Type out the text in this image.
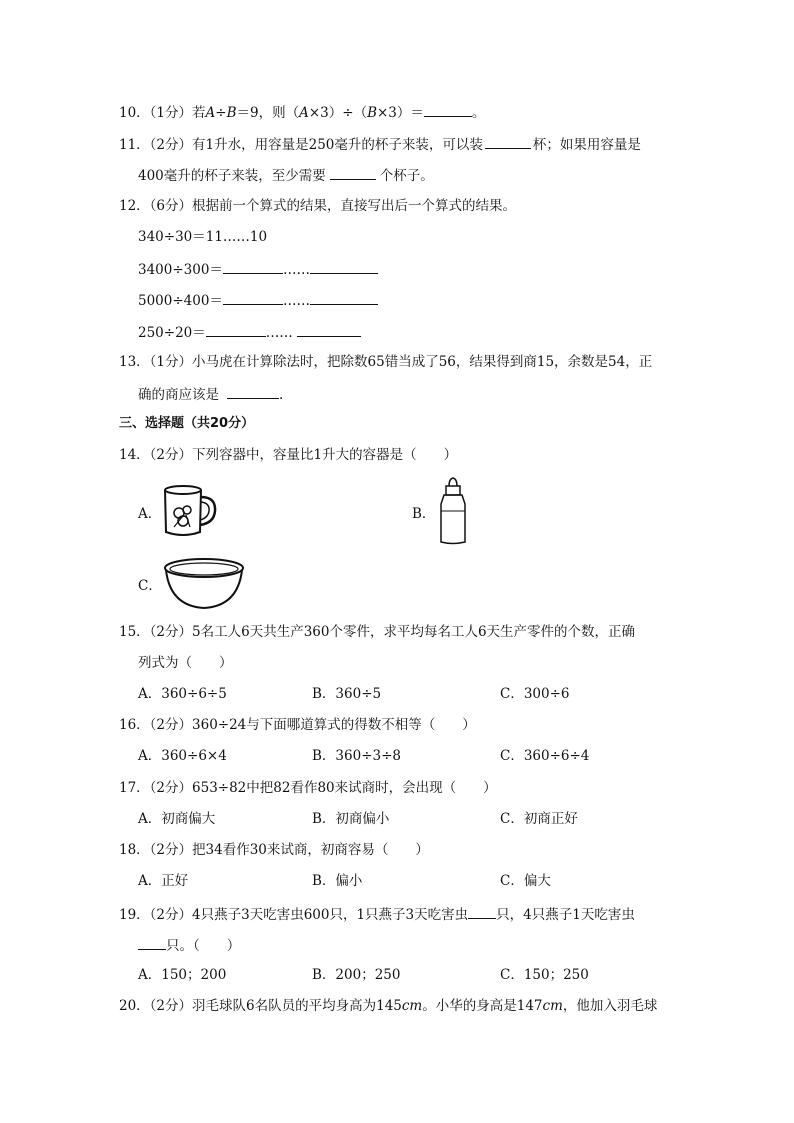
10．（1分）若A÷B＝9，则（A×3）÷（B×3）＝	。
11．（2分）有1升水，用容量是250毫升的杯子来装，可以装	杯；如果用容量是
400毫升的杯子来装，至少需要	个杯子。
12．（6分）根据前一个算式的结果，直接写出后一个算式的结果。
340÷30＝11……10
3400÷300＝	……
5000÷400＝	……
250÷20＝	……
13．（1分）小马虎在计算除法时，把除数65错当成了56，结果得到商15，余数是54，正
确的商应该是	.
三、选择题（共20分）
14．（2分）下列容器中，容量比1升大的容器是（　　）
A．	B．
C．
15．（2分）5名工人6天共生产360个零件，求平均每名工人6天生产零件的个数，正确
列式为（　　）
A．360÷6÷5	B．360÷5	C．300÷6
16．（2分）360÷24与下面哪道算式的得数不相等（　　）
A．360÷6×4	B．360÷3÷8	C．360÷6÷4
17．（2分）653÷82中把82看作80来试商时，会出现（　　）
A．初商偏大	B．初商偏小	C．初商正好
18．（2分）把34看作30来试商，初商容易（　　）
A．正好	B．偏小	C．偏大
19．（2分）4只燕子3天吃害虫600只，1只燕子3天吃害虫 只，4只燕子1天吃害虫
只。（　　）
A．150；200	B．200；250	C．150；250
20．（2分）羽毛球队6名队员的平均身高为145cm。小华的身高是147cm，他加入羽毛球
